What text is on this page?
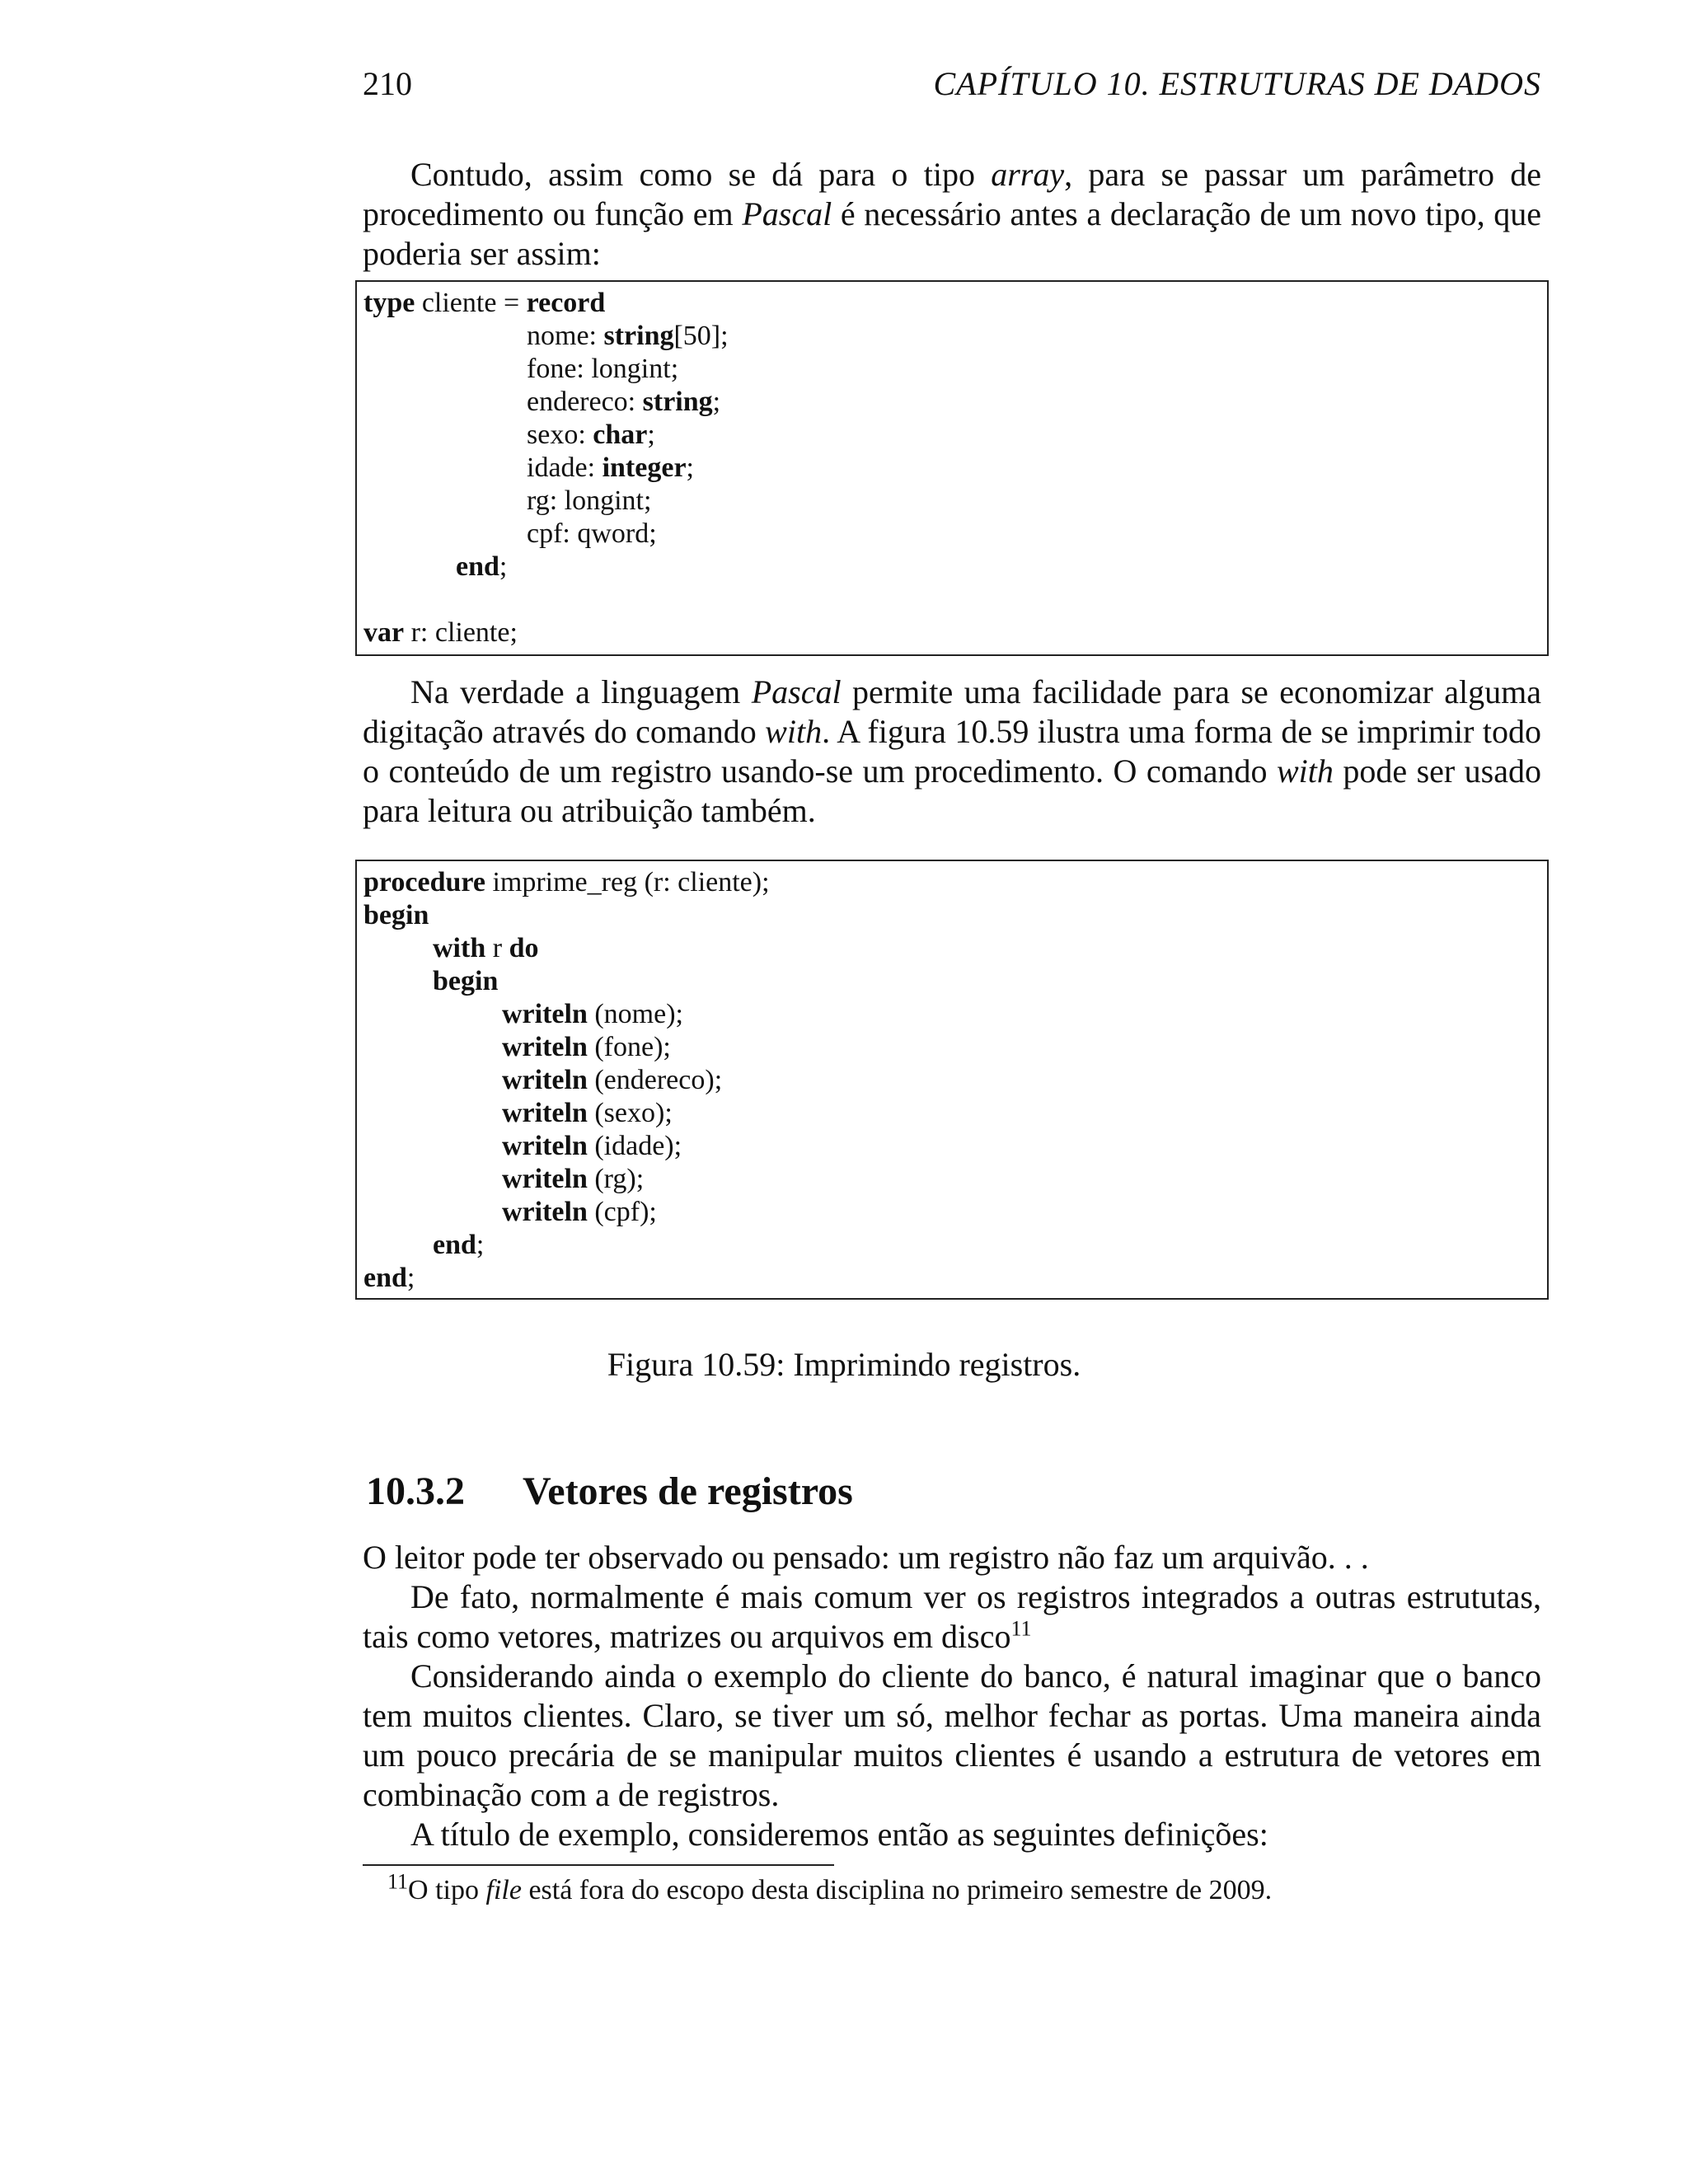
210	CAPÍTULO 10. ESTRUTURAS DE DADOS
Contudo, assim como se dá para o tipo array, para se passar um parâmetro de procedimento ou função em Pascal é necessário antes a declaração de um novo tipo, que poderia ser assim:
type cliente = record
nome: string[50];
fone: longint;
endereco: string;
sexo: char;
idade: integer;
rg: longint;
cpf: qword;
end;
var r: cliente;
Na verdade a linguagem Pascal permite uma facilidade para se economizar alguma digitação através do comando with. A figura 10.59 ilustra uma forma de se imprimir todo o conteúdo de um registro usando-se um procedimento. O comando with pode ser usado para leitura ou atribuição também.
procedure imprime_reg (r: cliente);
begin
with r do
begin
writeln (nome);
writeln (fone);
writeln (endereco);
writeln (sexo);
writeln (idade);
writeln (rg);
writeln (cpf);
end;
end;
Figura 10.59: Imprimindo registros.
10.3.2 Vetores de registros
O leitor pode ter observado ou pensado: um registro não faz um arquivão. . .
De fato, normalmente é mais comum ver os registros integrados a outras estrututas, tais como vetores, matrizes ou arquivos em disco$^{11}$
Considerando ainda o exemplo do cliente do banco, é natural imaginar que o banco tem muitos clientes. Claro, se tiver um só, melhor fechar as portas. Uma maneira ainda um pouco precária de se manipular muitos clientes é usando a estrutura de vetores em combinação com a de registros.
A título de exemplo, consideremos então as seguintes definições:
$^{11}$O tipo file está fora do escopo desta disciplina no primeiro semestre de 2009.
